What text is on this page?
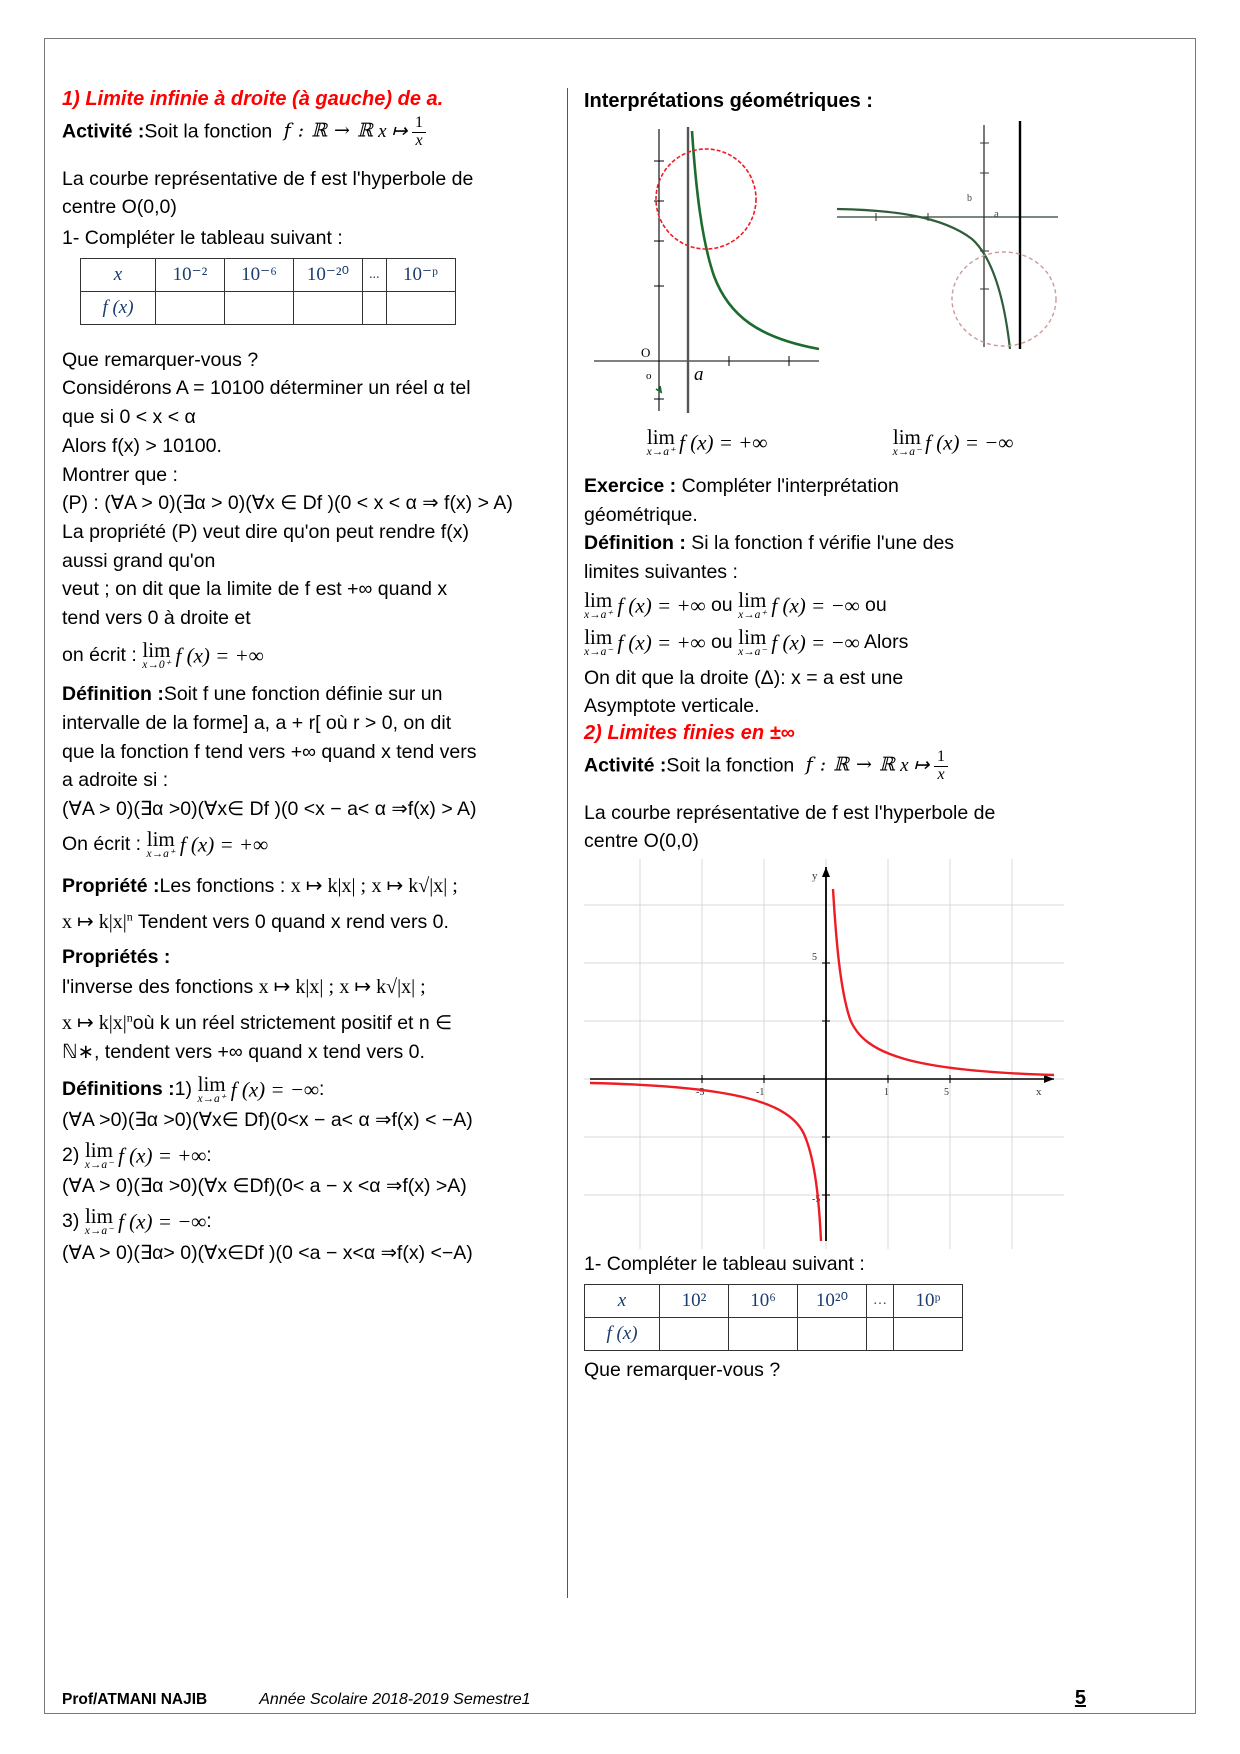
1) Limite infinie à droite (à gauche) de a.
Activité :Soit la fonction f : ℝ → ℝ x ↦ $\frac{1}{x}$
La courbe représentative de f est l'hyperbole de
centre O(0,0)
1- Compléter le tableau suivant :
x	10⁻²	10⁻⁶	10⁻²⁰	...	10⁻ᵖ
f (x)					
Que remarquer-vous ?
Considérons A = 10100 déterminer un réel α tel
que si 0 < x < α
Alors f(x) > 10100.
Montrer que :
(P) : (∀A > 0)(∃α > 0)(∀x ∈ Df )(0 < x < α ⇒ f(x) > A)
La propriété (P) veut dire qu'on peut rendre f(x)
aussi grand qu'on
veut ; on dit que la limite de f est +∞ quand x
tend vers 0 à droite et
on écrit : lim
x→0⁺ f (x) = +∞
Définition :Soit f une fonction définie sur un
intervalle de la forme] a, a + r[ où r > 0, on dit
que la fonction f tend vers +∞ quand x tend vers
a adroite si :
(∀A > 0)(∃α >0)(∀x∈ Df )(0 <x − a< α ⇒f(x) > A)
On écrit : lim
x→a⁺ f (x) = +∞
Propriété :Les fonctions : x ↦ k|x| ; x ↦ k√|x| ;
x ↦ $k|x|^n$ Tendent vers 0 quand x rend vers 0.
Propriétés :
l'inverse des fonctions x ↦ k|x| ; x ↦ k√|x| ;
x ↦ $k|x|^noù$ k un réel strictement positif et n ∈
ℕ∗, tendent vers +∞ quand x tend vers 0.
Définitions :1) lim
x→a⁺ f (x) = −∞:
(∀A >0)(∃α >0)(∀x∈ Df)(0<x − a< α ⇒f(x) < −A)
2) lim
x→a⁻ f (x) = +∞:
(∀A > 0)(∃α >0)(∀x ∈Df)(0< a − x <α ⇒f(x) >A)
3) lim
x→a⁻ f (x) = −∞:
(∀A > 0)(∃α> 0)(∀x∈Df )(0 <a − x<α ⇒f(x) <−A)
Interprétations géométriques :
O
o a
b
a
lim
x→a⁺ f (x) = +∞	lim
x→a⁻ f (x) = −∞
Exercice : Compléter l'interprétation
géométrique.
Définition : Si la fonction f vérifie l'une des
limites suivantes :
lim
x→a⁺ f (x) = +∞ ou lim
x→a⁺ f (x) = −∞ ou
lim
x→a⁻ f (x) = +∞ ou lim
x→a⁻ f (x) = −∞ Alors
On dit que la droite (Δ): x = a est une
Asymptote verticale.
2) Limites finies en ±∞
Activité :Soit la fonction f : ℝ → ℝ x ↦ $\frac{1}{x}$
La courbe représentative de f est l'hyperbole de
centre O(0,0)
y
x
5
-5
-5	-1	1	5
1- Compléter le tableau suivant :
x	10²	10⁶	10²⁰	…	10ᵖ
f (x)					
Que remarquer-vous ?
Prof/ATMANI NAJIB	Année Scolaire 2018-2019 Semestre1	5
